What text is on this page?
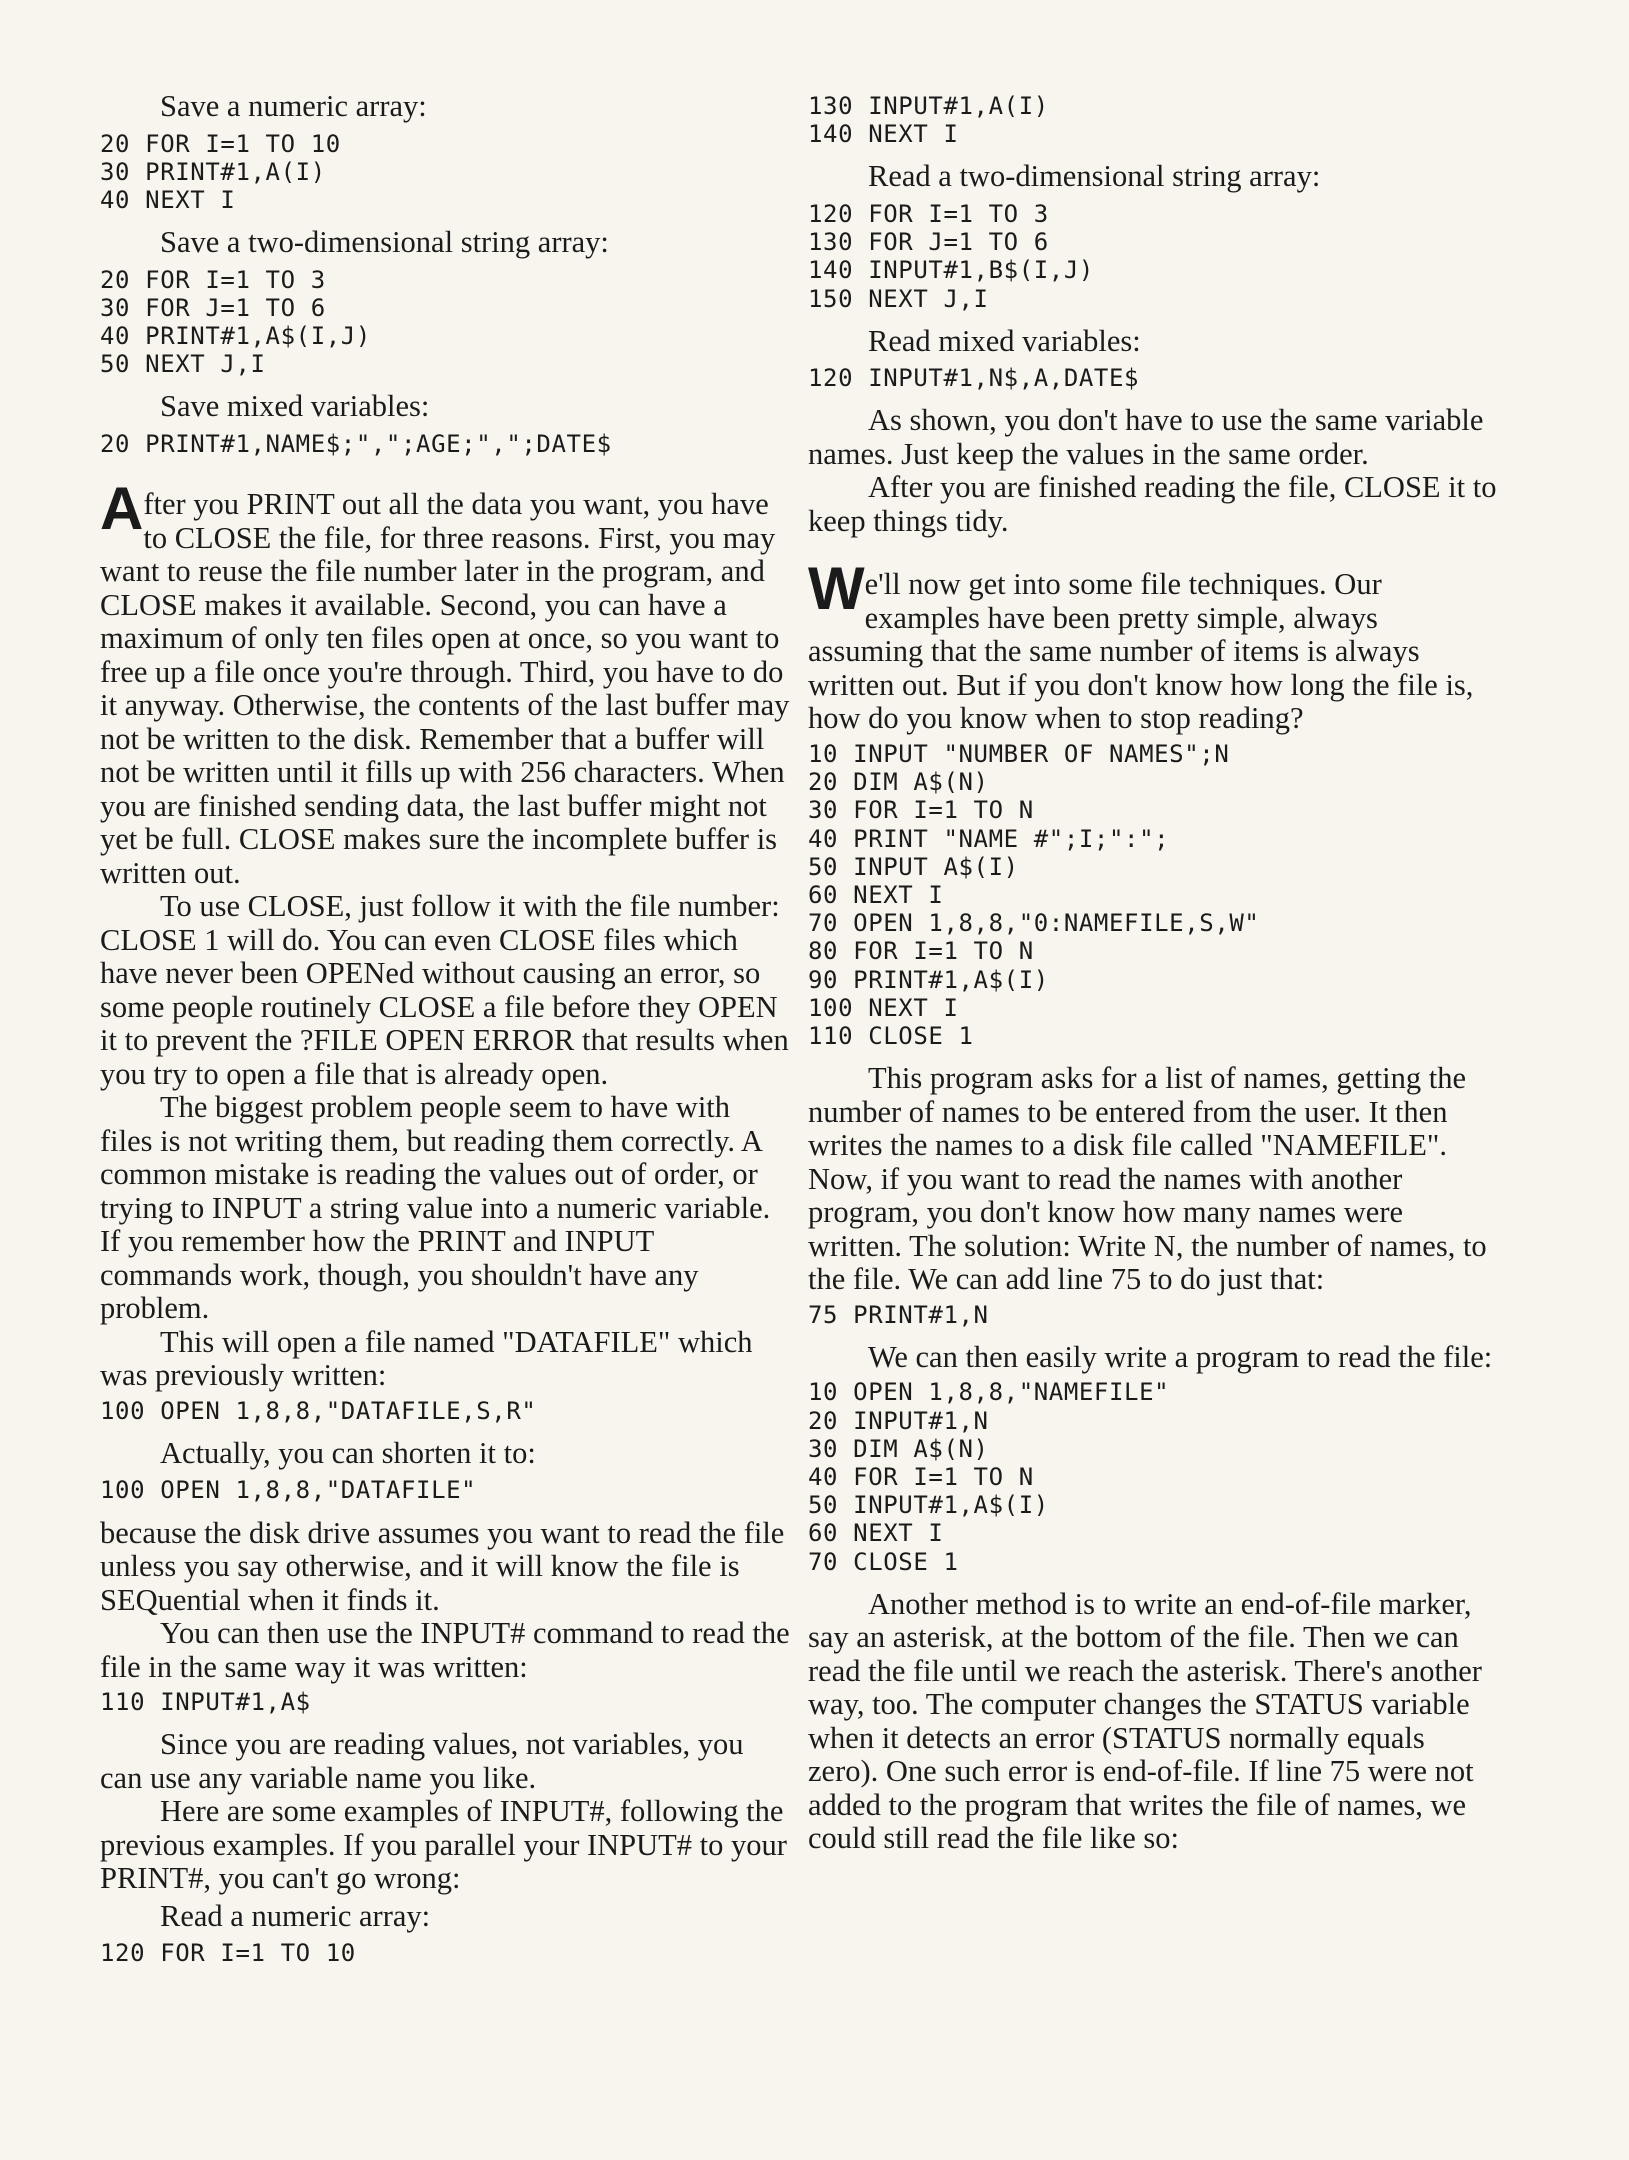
Save a numeric array:

20 FOR I=1 TO 10
30 PRINT#1,A(I)
40 NEXT I

Save a two-dimensional string array:

20 FOR I=1 TO 3
30 FOR J=1 TO 6
40 PRINT#1,A$(I,J)
50 NEXT J,I

Save mixed variables:

20 PRINT#1,NAME$;",";AGE;",";DATE$

After you PRINT out all the data you want, you have to CLOSE the file, for three reasons. First, you may want to reuse the file number later in the program, and CLOSE makes it available. Second, you can have a maximum of only ten files open at once, so you want to free up a file once you're through. Third, you have to do it anyway. Otherwise, the contents of the last buffer may not be written to the disk. Remember that a buffer will not be written until it fills up with 256 characters. When you are finished sending data, the last buffer might not yet be full. CLOSE makes sure the incomplete buffer is written out.

To use CLOSE, just follow it with the file number: CLOSE 1 will do. You can even CLOSE files which have never been OPENed without causing an error, so some people routinely CLOSE a file before they OPEN it to prevent the ?FILE OPEN ERROR that results when you try to open a file that is already open.

The biggest problem people seem to have with files is not writing them, but reading them correctly. A common mistake is reading the values out of order, or trying to INPUT a string value into a numeric variable. If you remember how the PRINT and INPUT commands work, though, you shouldn't have any problem.

This will open a file named "DATAFILE" which was previously written:

100 OPEN 1,8,8,"DATAFILE,S,R"

Actually, you can shorten it to:

100 OPEN 1,8,8,"DATAFILE"

because the disk drive assumes you want to read the file unless you say otherwise, and it will know the file is SEQuential when it finds it.

You can then use the INPUT# command to read the file in the same way it was written:

110 INPUT#1,A$

Since you are reading values, not variables, you can use any variable name you like.

Here are some examples of INPUT#, following the previous examples. If you parallel your INPUT# to your PRINT#, you can't go wrong:

Read a numeric array:

120 FOR I=1 TO 10
130 INPUT#1,A(I)
140 NEXT I

Read a two-dimensional string array:

120 FOR I=1 TO 3
130 FOR J=1 TO 6
140 INPUT#1,B$(I,J)
150 NEXT J,I

Read mixed variables:

120 INPUT#1,N$,A,DATE$

As shown, you don't have to use the same variable names. Just keep the values in the same order.

After you are finished reading the file, CLOSE it to keep things tidy.

We'll now get into some file techniques. Our examples have been pretty simple, always assuming that the same number of items is always written out. But if you don't know how long the file is, how do you know when to stop reading?

10 INPUT "NUMBER OF NAMES";N
20 DIM A$(N)
30 FOR I=1 TO N
40 PRINT "NAME #";I;":";
50 INPUT A$(I)
60 NEXT I
70 OPEN 1,8,8,"0:NAMEFILE,S,W"
80 FOR I=1 TO N
90 PRINT#1,A$(I)
100 NEXT I
110 CLOSE 1

This program asks for a list of names, getting the number of names to be entered from the user. It then writes the names to a disk file called "NAMEFILE". Now, if you want to read the names with another program, you don't know how many names were written. The solution: Write N, the number of names, to the file. We can add line 75 to do just that:

75 PRINT#1,N

We can then easily write a program to read the file:

10 OPEN 1,8,8,"NAMEFILE"
20 INPUT#1,N
30 DIM A$(N)
40 FOR I=1 TO N
50 INPUT#1,A$(I)
60 NEXT I
70 CLOSE 1

Another method is to write an end-of-file marker, say an asterisk, at the bottom of the file. Then we can read the file until we reach the asterisk. There's another way, too. The computer changes the STATUS variable when it detects an error (STATUS normally equals zero). One such error is end-of-file. If line 75 were not added to the program that writes the file of names, we could still read the file like so:
